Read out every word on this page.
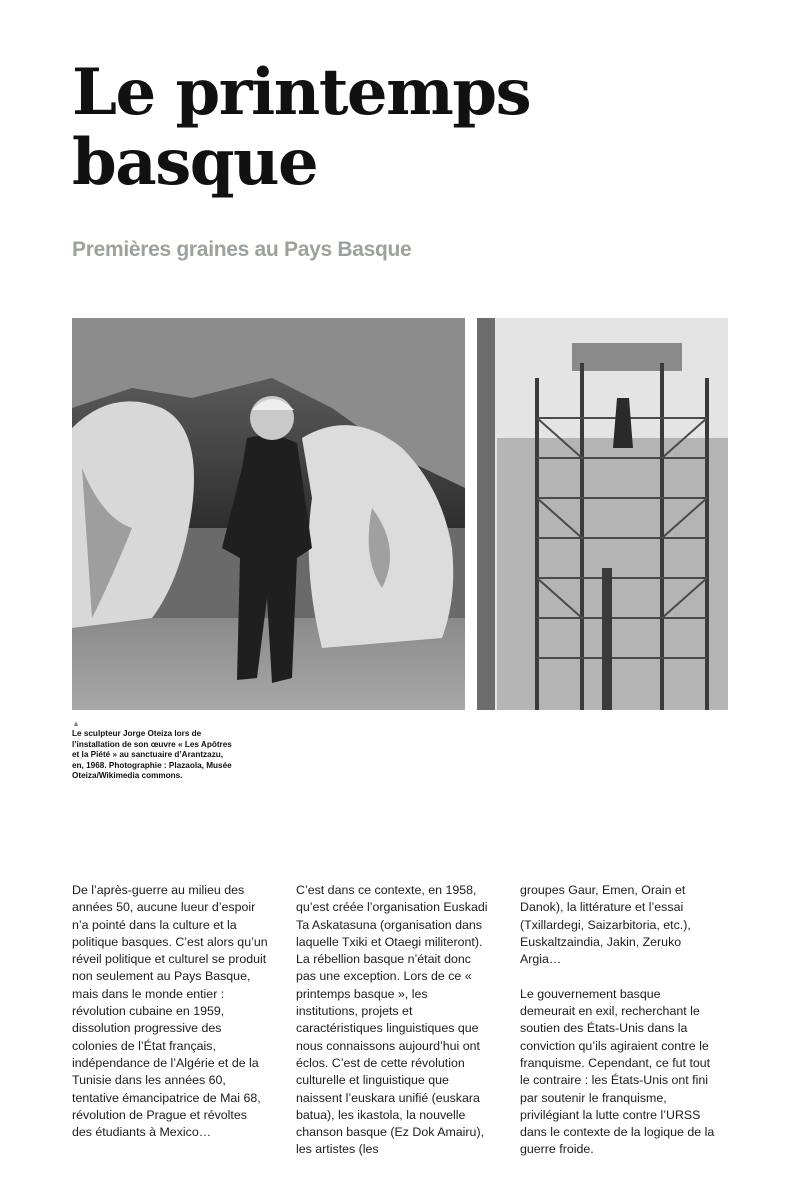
Le printemps basque
Premières graines au Pays Basque
▲
Le sculpteur Jorge Oteiza lors de l’installation de son œuvre « Les Apôtres et la Piété » au sanctuaire d’Arantzazu, en, 1968. Photographie : Plazaola, Musée Oteiza/Wikimedia commons.

De l’après-guerre au milieu des années 50, aucune lueur d’espoir n’a pointé dans la culture et la politique basques. C’est alors qu’un réveil politique et culturel se produit non seulement au Pays Basque, mais dans le monde entier : révolution cubaine en 1959, dissolution progressive des colonies de l’État français, indépendance de l’Algérie et de la Tunisie dans les années 60, tentative émancipatrice de Mai 68, révolution de Prague et révoltes des étudiants à Mexico…

C’est dans ce contexte, en 1958, qu’est créée l’organisation Euskadi Ta Askatasuna (organisation dans laquelle Txiki et Otaegi militeront). La rébellion basque n’était donc pas une exception. Lors de ce « printemps basque », les institutions, projets et caractéristiques linguistiques que nous connaissons aujourd’hui ont éclos. C’est de cette révolution culturelle et linguistique que naissent l’euskara unifié (euskara batua), les ikastola, la nouvelle chanson basque (Ez Dok Amairu), les artistes (les

groupes Gaur, Emen, Orain et Danok), la littérature et l’essai (Txillardegi, Saizarbitoria, etc.), Euskaltzaindia, Jakin, Zeruko Argia…

Le gouvernement basque demeurait en exil, recherchant le soutien des États-Unis dans la conviction qu’ils agiraient contre le franquisme. Cependant, ce fut tout le contraire : les États-Unis ont fini par soutenir le franquisme, privilégiant la lutte contre l’URSS dans le contexte de la logique de la guerre froide.
